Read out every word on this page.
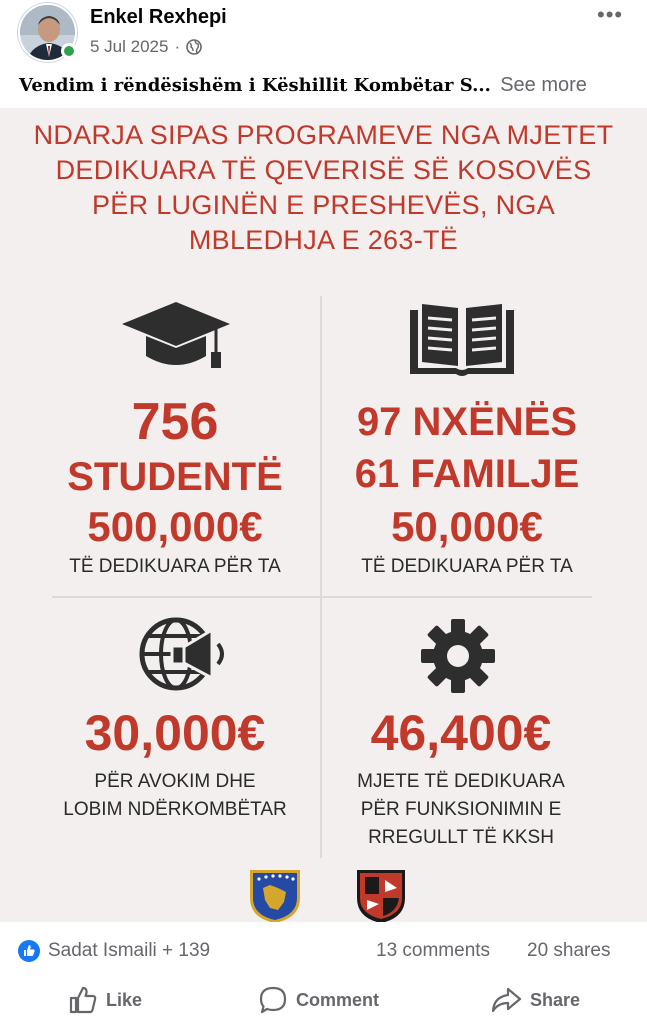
Enkel Rexhepi
5 Jul 2025 ·
•••
Vendim i rëndësishëm i Këshillit Kombëtar S... See more
NDARJA SIPAS PROGRAMEVE NGA MJETET
DEDIKUARA TË QEVERISË SË KOSOVËS
PËR LUGINËN E PRESHEVËS, NGA
MBLEDHJA E 263-TË
756
STUDENTË
500,000€
TË DEDIKUARA PËR TA
97 NXËNËS
61 FAMILJE
50,000€
TË DEDIKUARA PËR TA
30,000€
PËR AVOKIM DHE
LOBIM NDËRKOMBËTAR
46,400€
MJETE TË DEDIKUARA
PËR FUNKSIONIMIN E
RREGULLT TË KKSH
Sadat Ismaili + 139	13 comments 20 shares
Like	Comment	Share
